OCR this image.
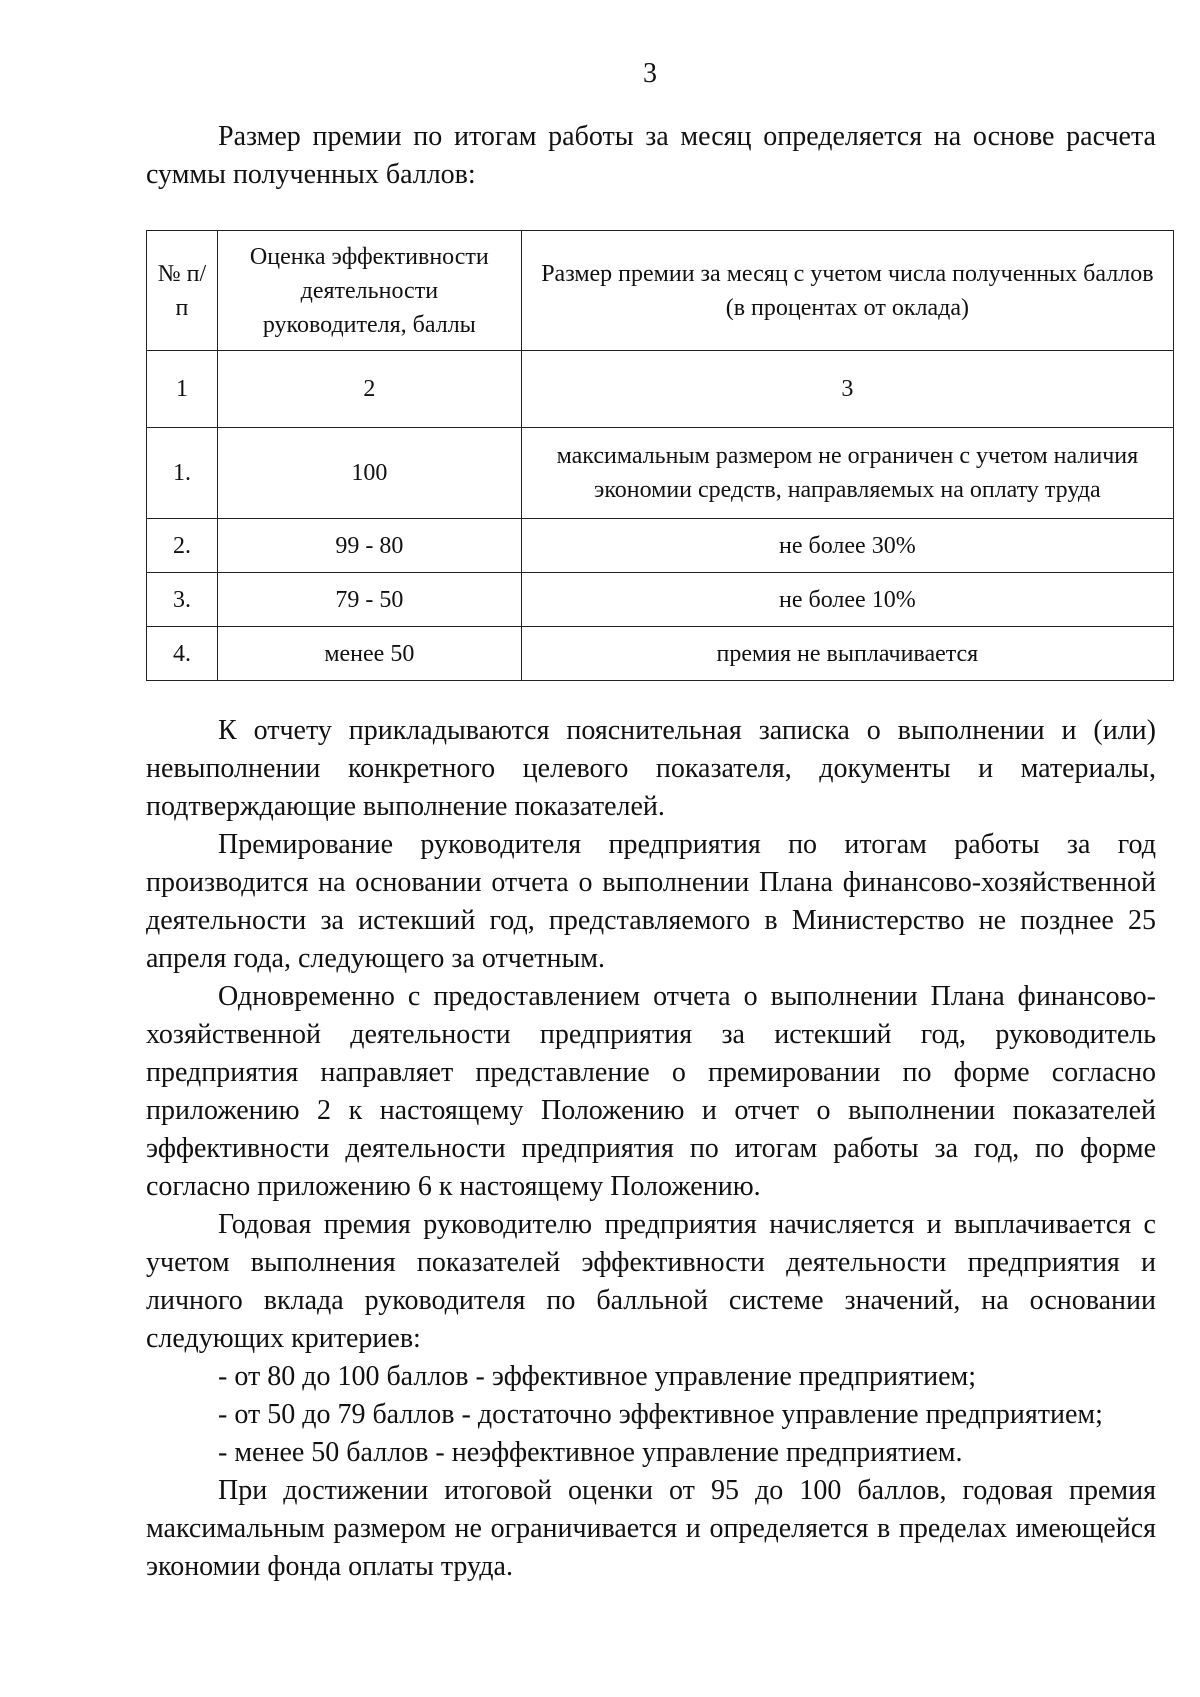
3

Размер премии по итогам работы за месяц определяется на основе расчета суммы полученных баллов:

№ п/п	Оценка эффективности деятельности руководителя, баллы	Размер премии за месяц с учетом числа полученных баллов (в процентах от оклада)
1	2	3
1.	100	максимальным размером не ограничен с учетом наличия экономии средств, направляемых на оплату труда
2.	99 - 80	не более 30%
3.	79 - 50	не более 10%
4.	менее 50	премия не выплачивается

К отчету прикладываются пояснительная записка о выполнении и (или) невыполнении конкретного целевого показателя, документы и материалы, подтверждающие выполнение показателей.

Премирование руководителя предприятия по итогам работы за год производится на основании отчета о выполнении Плана финансово-хозяйственной деятельности за истекший год, представляемого в Министерство не позднее 25 апреля года, следующего за отчетным.

Одновременно с предоставлением отчета о выполнении Плана финансово-хозяйственной деятельности предприятия за истекший год, руководитель предприятия направляет представление о премировании по форме согласно приложению 2 к настоящему Положению и отчет о выполнении показателей эффективности деятельности предприятия по итогам работы за год, по форме согласно приложению 6 к настоящему Положению.

Годовая премия руководителю предприятия начисляется и выплачивается с учетом выполнения показателей эффективности деятельности предприятия и личного вклада руководителя по балльной системе значений, на основании следующих критериев:

- от 80 до 100 баллов - эффективное управление предприятием;

- от 50 до 79 баллов - достаточно эффективное управление предприятием;

- менее 50 баллов - неэффективное управление предприятием.

При достижении итоговой оценки от 95 до 100 баллов, годовая премия максимальным размером не ограничивается и определяется в пределах имеющейся экономии фонда оплаты труда.
